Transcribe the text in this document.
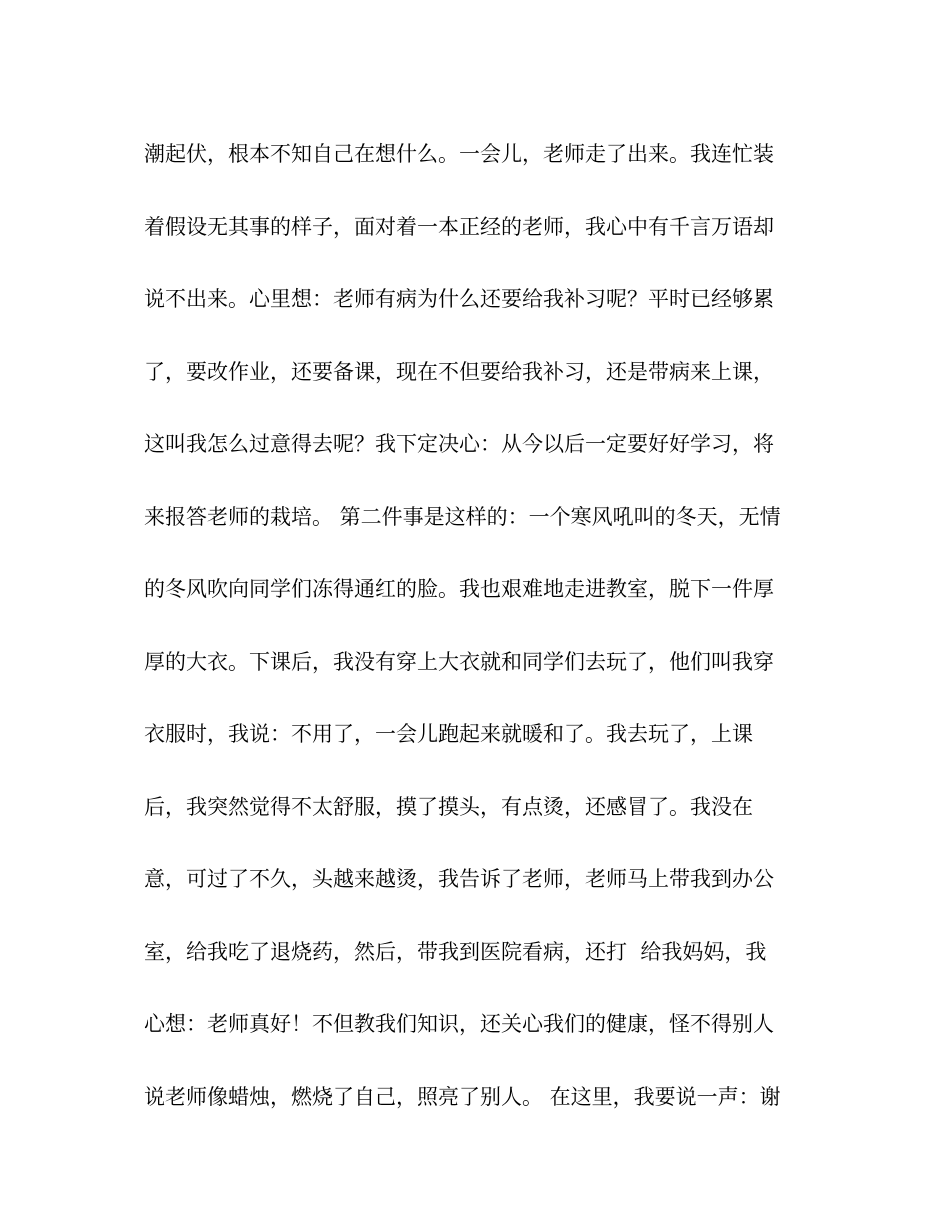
潮起伏，根本不知自己在想什么。一会儿，老师走了出来。我连忙装
着假设无其事的样子，面对着一本正经的老师，我心中有千言万语却
说不出来。心里想：老师有病为什么还要给我补习呢？平时已经够累
了，要改作业，还要备课，现在不但要给我补习，还是带病来上课，
这叫我怎么过意得去呢？我下定决心：从今以后一定要好好学习，将
来报答老师的栽培。 第二件事是这样的：一个寒风吼叫的冬天，无情
的冬风吹向同学们冻得通红的脸。我也艰难地走进教室，脱下一件厚
厚的大衣。下课后，我没有穿上大衣就和同学们去玩了，他们叫我穿
衣服时，我说：不用了，一会儿跑起来就暖和了。我去玩了，上课
后，我突然觉得不太舒服，摸了摸头，有点烫，还感冒了。我没在
意，可过了不久，头越来越烫，我告诉了老师，老师马上带我到办公
室，给我吃了退烧药，然后，带我到医院看病，还打  给我妈妈，我
心想：老师真好！不但教我们知识，还关心我们的健康，怪不得别人
说老师像蜡烛，燃烧了自己，照亮了别人。 在这里，我要说一声：谢
